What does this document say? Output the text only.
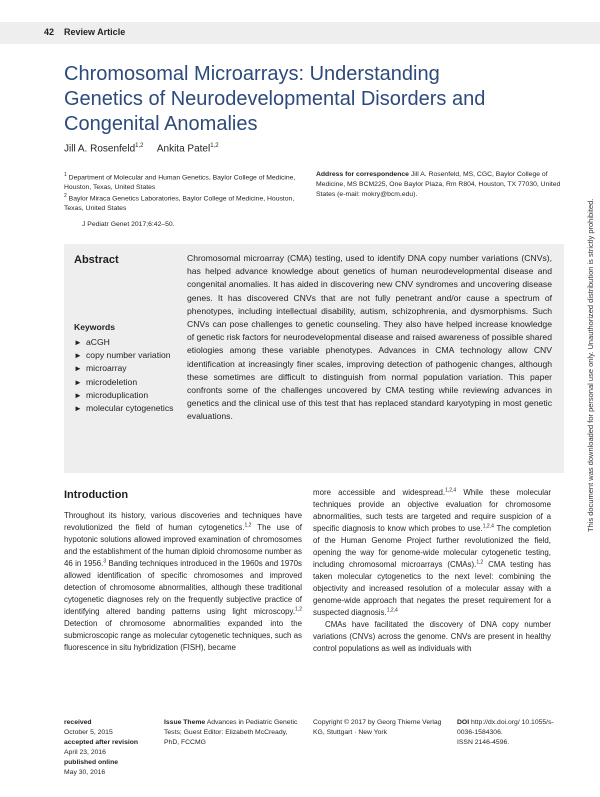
42 Review Article
Chromosomal Microarrays: Understanding Genetics of Neurodevelopmental Disorders and Congenital Anomalies
Jill A. Rosenfeld$^{1,2}$ Ankita Patel$^{1,2}$
$^1$ Department of Molecular and Human Genetics, Baylor College of Medicine, Houston, Texas, United States
$^2$ Baylor Miraca Genetics Laboratories, Baylor College of Medicine, Houston, Texas, United States
Address for correspondence Jill A. Rosenfeld, MS, CGC, Baylor College of Medicine, MS BCM225, One Baylor Plaza, Rm R804, Houston, TX 77030, United States (e-mail: mokry@bcm.edu).
J Pediatr Genet 2017;6:42–50.
Abstract	Chromosomal microarray (CMA) testing, used to identify DNA copy number variations (CNVs), has helped advance knowledge about genetics of human neurodevelopmental disease and congenital anomalies. It has aided in discovering new CNV syndromes and uncovering disease genes. It has discovered CNVs that are not fully penetrant and/or cause a spectrum of phenotypes, including intellectual disability, autism, schizophrenia, and dysmorphisms. Such CNVs can pose challenges to genetic counseling. They also have helped increase knowledge of genetic risk factors for neurodevelopmental disease and raised awareness of possible shared etiologies among these variable phenotypes. Advances in CMA technology allow CNV identification at increasingly finer scales, improving detection of pathogenic changes, although these sometimes are difficult to distinguish from normal population variation. This paper confronts some of the challenges uncovered by CMA testing while reviewing advances in genetics and the clinical use of this test that has replaced standard karyotyping in most genetic evaluations.
Keywords
► aCGH
► copy number variation
► microarray
► microdeletion
► microduplication
► molecular cytogenetics
Introduction
Throughout its history, various discoveries and techniques have revolutionized the field of human cytogenetics.$^{1,2}$ The use of hypotonic solutions allowed improved examination of chromosomes and the establishment of the human diploid chromosome number as 46 in 1956.$^3$ Banding techniques introduced in the 1960s and 1970s allowed identification of specific chromosomes and improved detection of chromosome abnormalities, although these traditional cytogenetic diagnoses rely on the frequently subjective practice of identifying altered banding patterns using light microscopy.$^{1,2}$ Detection of chromosome abnormalities expanded into the submicroscopic range as molecular cytogenetic techniques, such as fluorescence in situ hybridization (FISH), became

more accessible and widespread.$^{1,2,4}$ While these molecular techniques provide an objective evaluation for chromosome abnormalities, such tests are targeted and require suspicion of a specific diagnosis to know which probes to use.$^{1,2,4}$ The completion of the Human Genome Project further revolutionized the field, opening the way for genome-wide molecular cytogenetic testing, including chromosomal microarrays (CMAs).$^{1,2}$ CMA testing has taken molecular cytogenetics to the next level: combining the objectivity and increased resolution of a molecular assay with a genome-wide approach that negates the preset requirement for a suspected diagnosis.$^{1,2,4}$

CMAs have facilitated the discovery of DNA copy number variations (CNVs) across the genome. CNVs are present in healthy control populations as well as individuals with

received
October 5, 2015
accepted after revision
April 23, 2016
published online
May 30, 2016
Issue Theme Advances in Pediatric Genetic Tests; Guest Editor: Elizabeth McCready, PhD, FCCMG
Copyright © 2017 by Georg Thieme Verlag KG, Stuttgart · New York
DOI http://dx.doi.org/ 10.1055/s-0036-1584306.
ISSN 2146-4596.
This document was downloaded for personal use only. Unauthorized distribution is strictly prohibited.
